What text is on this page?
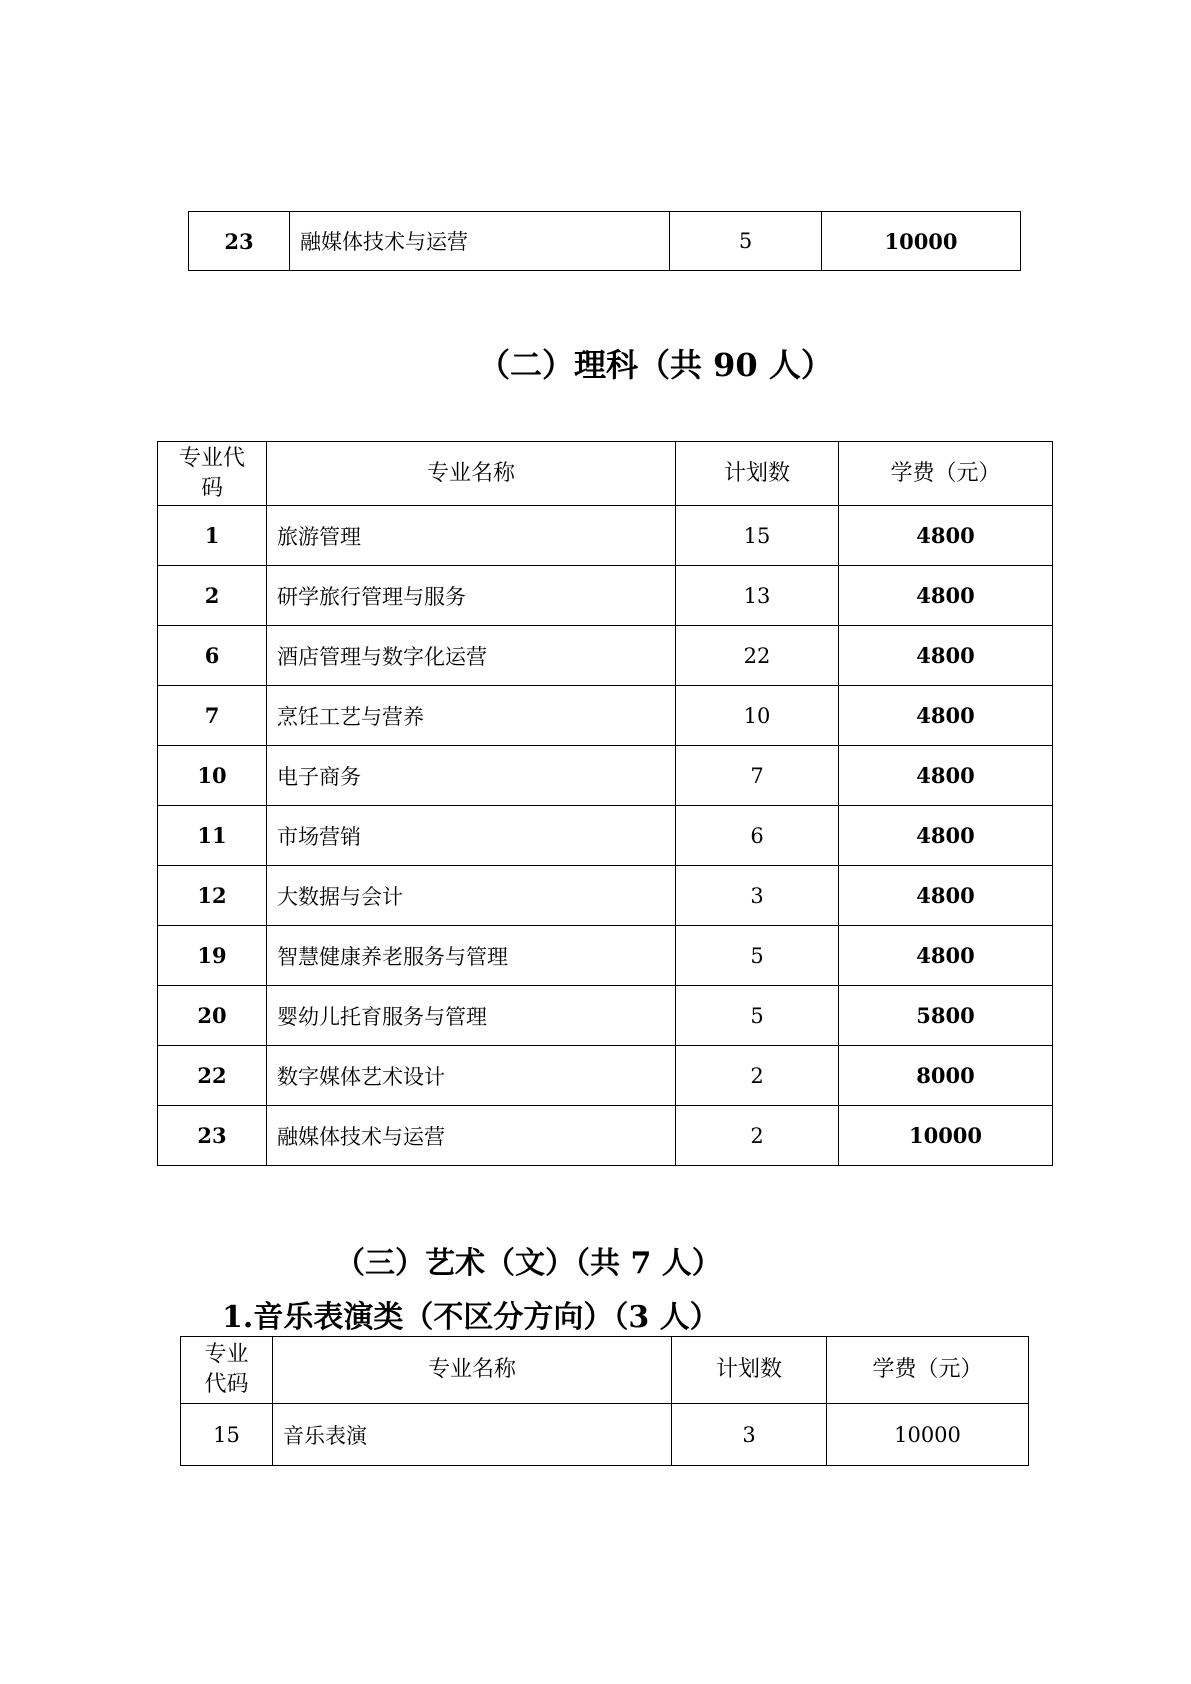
23	融媒体技术与运营	5	10000
（二）理科（共 90 人）
专业代码	专业名称	计划数	学费（元）
1	旅游管理	15	4800
2	研学旅行管理与服务	13	4800
6	酒店管理与数字化运营	22	4800
7	烹饪工艺与营养	10	4800
10	电子商务	7	4800
11	市场营销	6	4800
12	大数据与会计	3	4800
19	智慧健康养老服务与管理	5	4800
20	婴幼儿托育服务与管理	5	5800
22	数字媒体艺术设计	2	8000
23	融媒体技术与运营	2	10000
（三）艺术（文）（共 7 人）
1.音乐表演类（不区分方向）（3 人）
专业代码	专业名称	计划数	学费（元）
15	音乐表演	3	10000
